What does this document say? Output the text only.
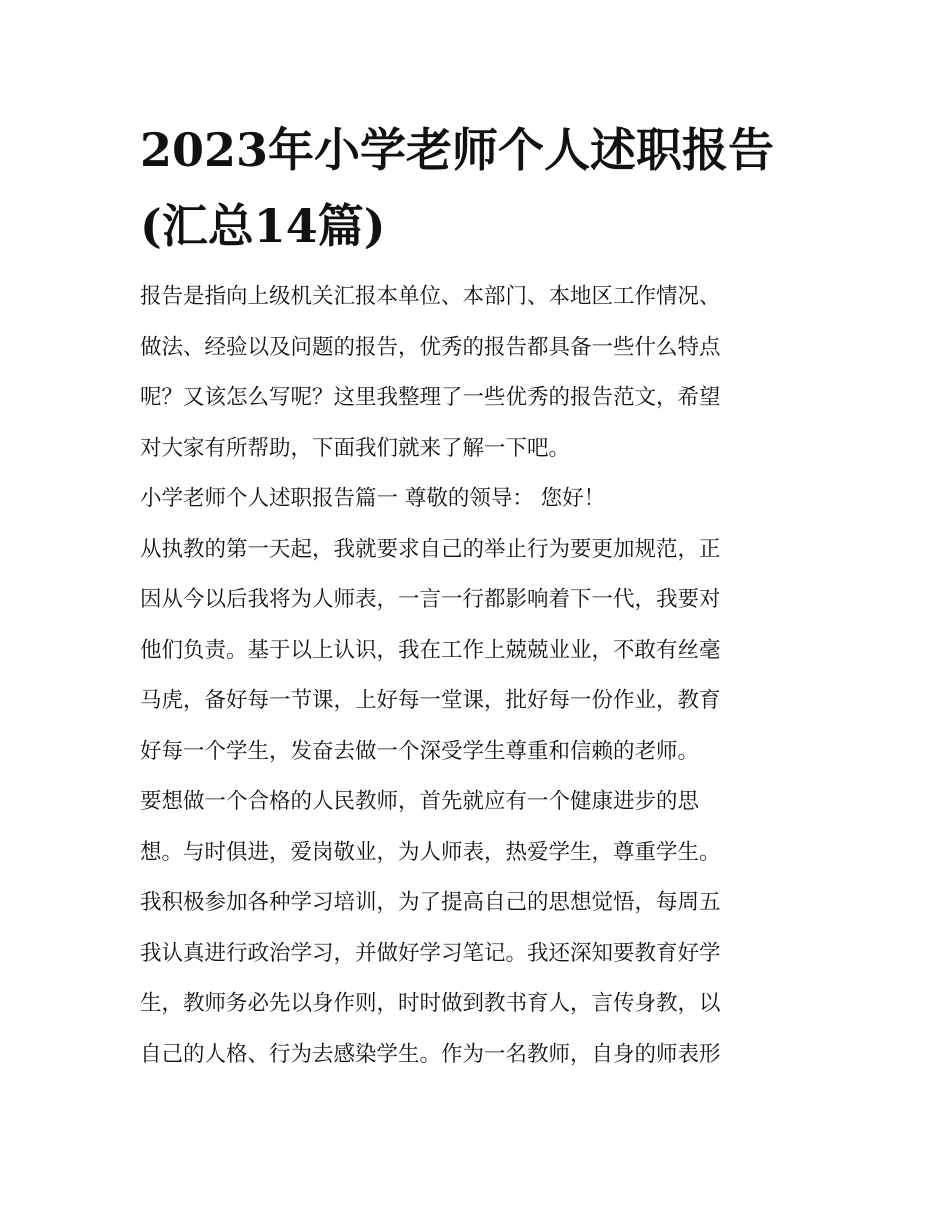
2023年小学老师个人述职报告
(汇总14篇)
报告是指向上级机关汇报本单位、本部门、本地区工作情况、
做法、经验以及问题的报告，优秀的报告都具备一些什么特点
呢？又该怎么写呢？这里我整理了一些优秀的报告范文，希望
对大家有所帮助，下面我们就来了解一下吧。
小学老师个人述职报告篇一 尊敬的领导： 您好！
从执教的第一天起，我就要求自己的举止行为要更加规范，正
因从今以后我将为人师表，一言一行都影响着下一代，我要对
他们负责。基于以上认识，我在工作上兢兢业业，不敢有丝毫
马虎，备好每一节课，上好每一堂课，批好每一份作业，教育
好每一个学生，发奋去做一个深受学生尊重和信赖的老师。
要想做一个合格的人民教师，首先就应有一个健康进步的思
想。与时俱进，爱岗敬业，为人师表，热爱学生，尊重学生。
我积极参加各种学习培训，为了提高自己的思想觉悟，每周五
我认真进行政治学习，并做好学习笔记。我还深知要教育好学
生，教师务必先以身作则，时时做到教书育人，言传身教，以
自己的人格、行为去感染学生。作为一名教师，自身的师表形
